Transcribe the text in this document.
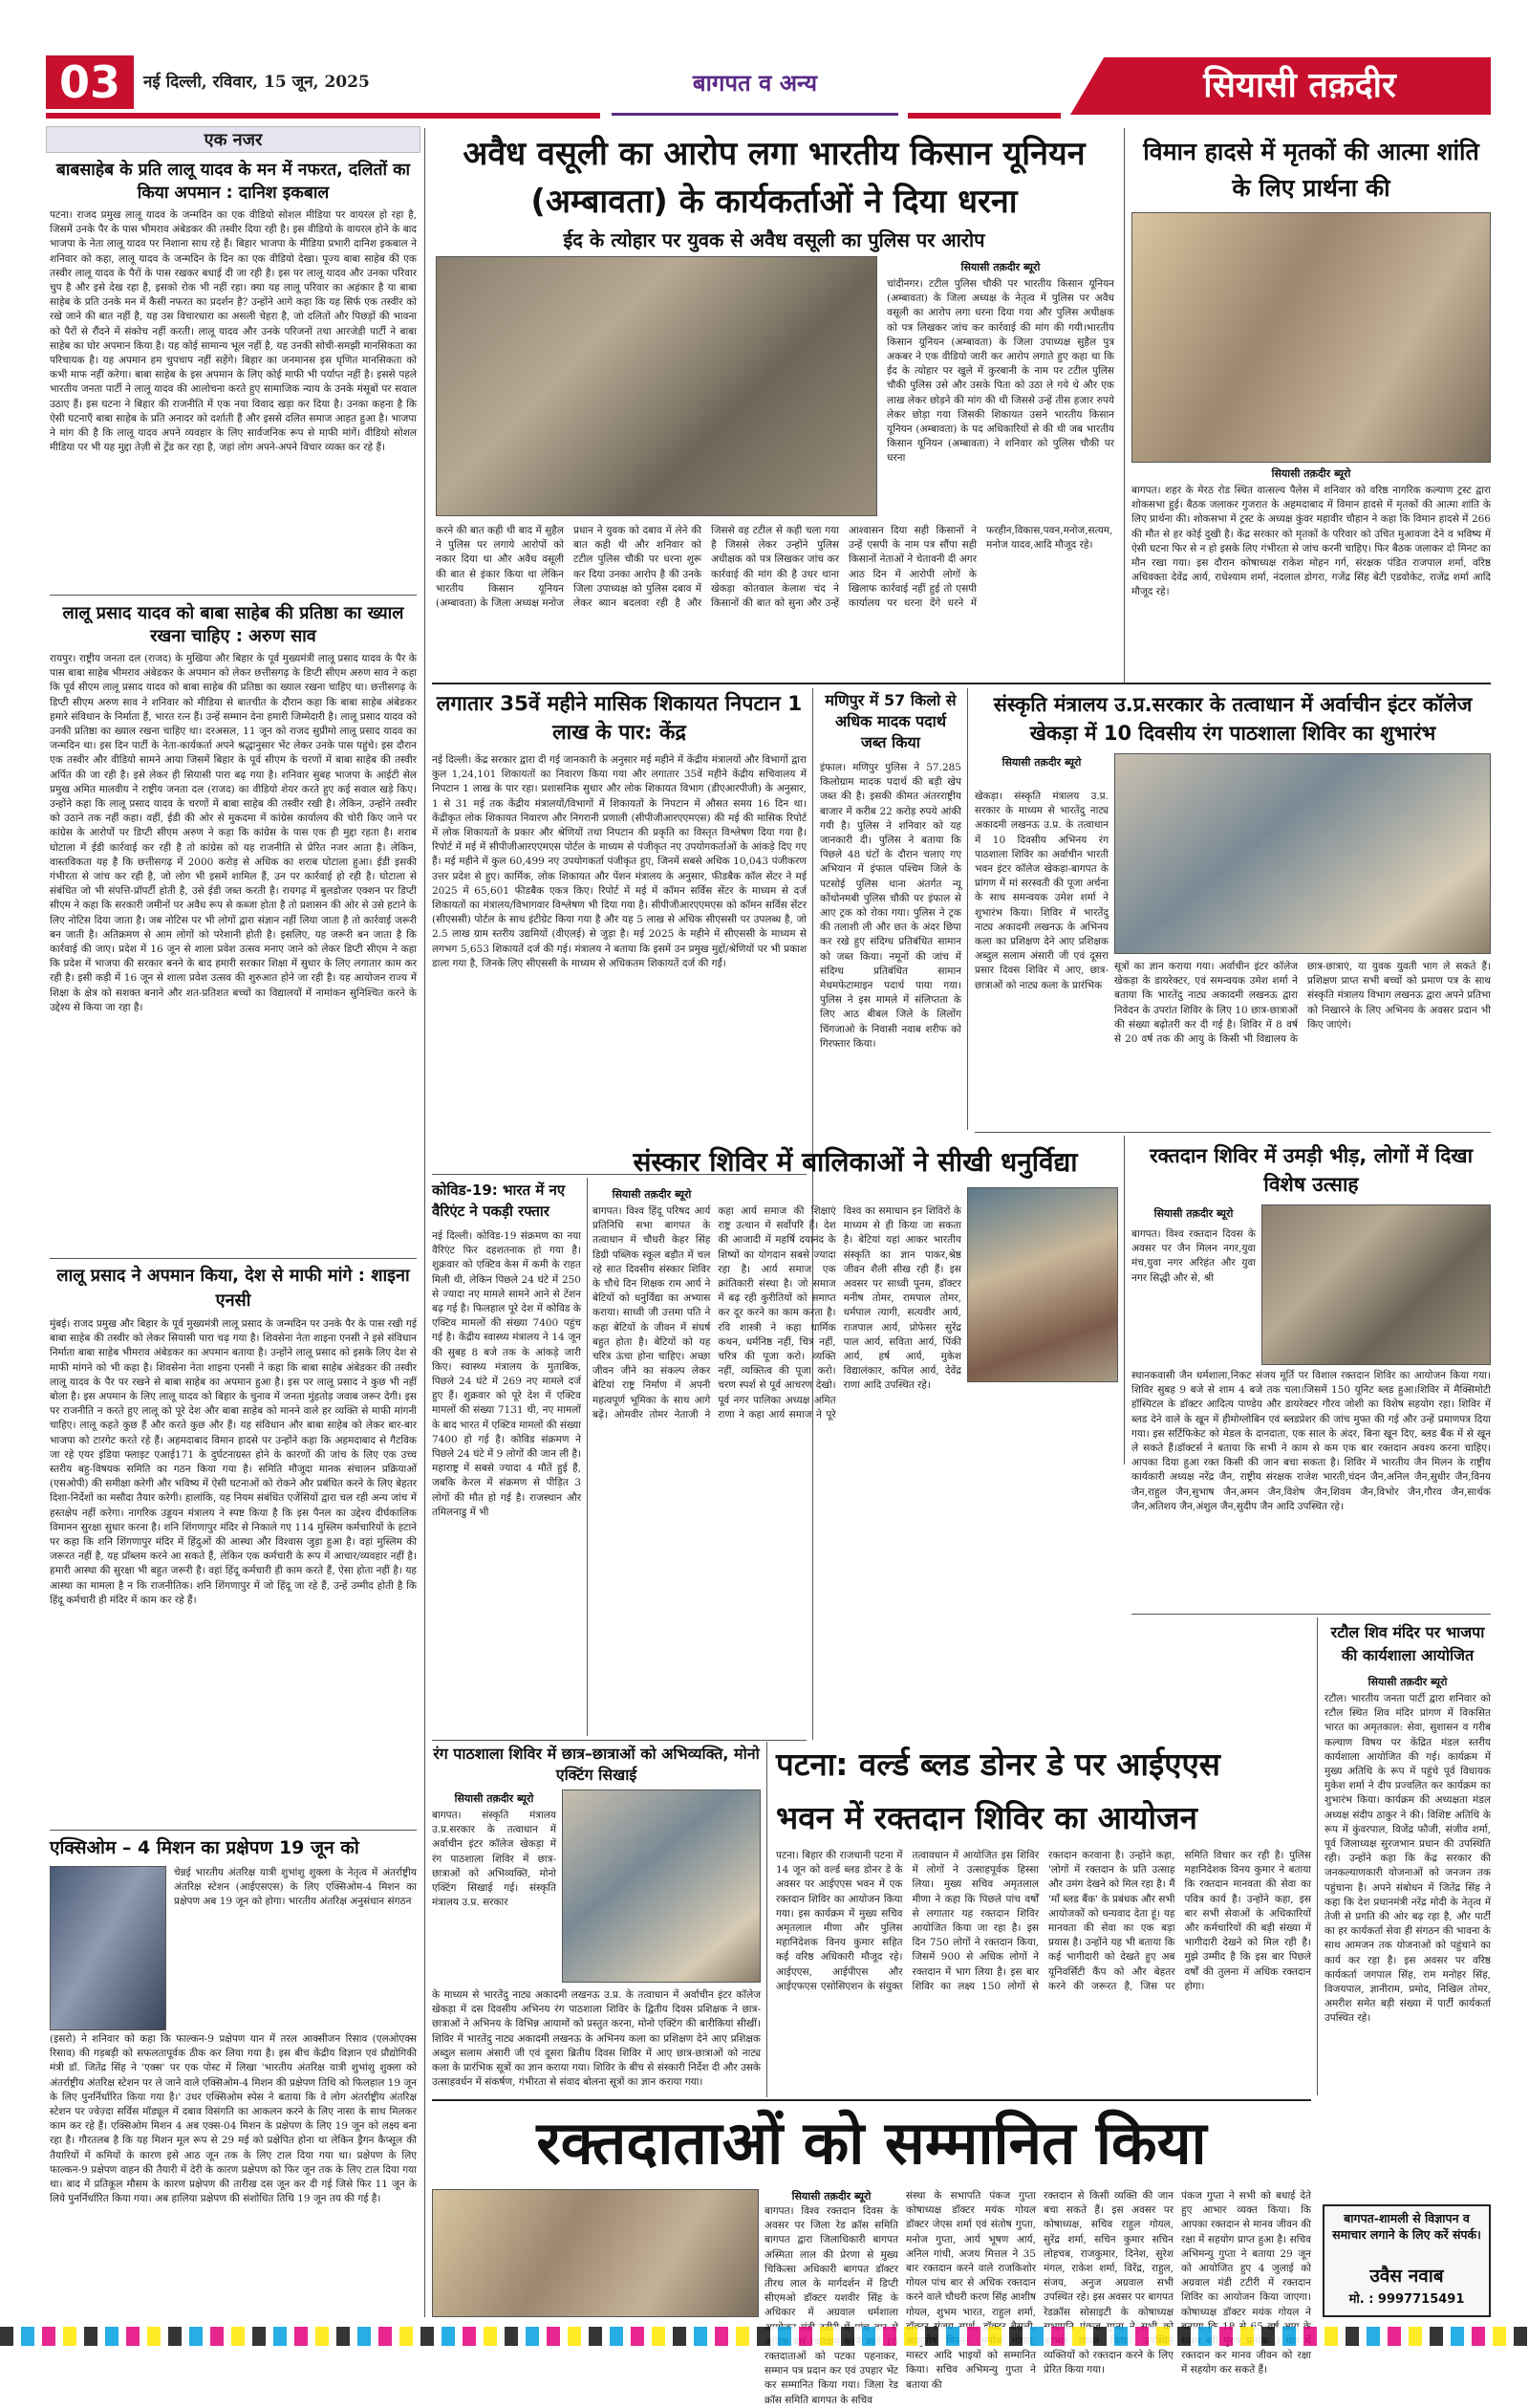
03	नई दिल्ली, रविवार, 15 जून, 2025	बागपत व अन्य	सियासी तक़दीर
एक नजर
बाबसाहेब के प्रति लालू यादव के मन में नफरत, दलितों का किया अपमान : दानिश इकबाल
पटना। राजद प्रमुख लालू यादव के जन्मदिन का एक वीडियो सोशल मीडिया पर वायरल हो रहा है, जिसमें उनके पैर के पास भीमराव अंबेडकर की तस्वीर दिया रही है। इस वीडियो के वायरल होने के बाद भाजपा के नेता लालू यादव पर निशाना साध रहे हैं। बिहार भाजपा के मीडिया प्रभारी दानिश इकबाल ने शनिवार को कहा, लालू यादव के जन्मदिन के दिन का एक वीडियो देखा। पूज्य बाबा साहेब की एक तस्वीर लालू यादव के पैरों के पास रखकर बधाई दी जा रही है। इस पर लालू यादव और उनका परिवार चुप है और इसे देख रहा है, इसको रोक भी नहीं रहा। क्या यह लालू परिवार का अहंकार है या बाबा साहेब के प्रति उनके मन में कैसी नफरत का प्रदर्शन है? उन्होंने आगे कहा कि यह सिर्फ एक तस्वीर को रखे जाने की बात नहीं है, यह उस विचारधारा का असली चेहरा है, जो दलितों और पिछड़ों की भावना को पैरों से रौंदने में संकोच नहीं करती। लालू यादव और उनके परिजनों तथा आरजेडी पार्टी ने बाबा साहेब का घोर अपमान किया है। यह कोई सामान्य भूल नहीं है, यह उनकी सोची-समझी मानसिकता का परिचायक है। यह अपमान हम चुपचाप नहीं सहेंगे। बिहार का जनमानस इस घृणित मानसिकता को कभी माफ नहीं करेगा। बाबा साहेब के इस अपमान के लिए कोई माफी भी पर्याप्त नहीं है। इससे पहले भारतीय जनता पार्टी ने लालू यादव की आलोचना करते हुए सामाजिक न्याय के उनके मंसूबों पर सवाल उठाए हैं। इस घटना ने बिहार की राजनीति में एक नया विवाद खड़ा कर दिया है। उनका कहना है कि ऐसी घटनाएँ बाबा साहेब के प्रति अनादर को दर्शाती हैं और इससे दलित समाज आहत हुआ है। भाजपा ने मांग की है कि लालू यादव अपने व्यवहार के लिए सार्वजनिक रूप से माफी मांगें। वीडियो सोशल मीडिया पर भी यह मुद्दा तेज़ी से ट्रेंड कर रहा है, जहां लोग अपने-अपने विचार व्यक्त कर रहे हैं।
लालू प्रसाद यादव को बाबा साहेब की प्रतिष्ठा का ख्याल रखना चाहिए : अरुण साव
रायपुर। राष्ट्रीय जनता दल (राजद) के मुखिया और बिहार के पूर्व मुख्यमंत्री लालू प्रसाद यादव के पैर के पास बाबा साहेब भीमराव अंबेडकर के अपमान को लेकर छत्तीसगढ़ के डिप्टी सीएम अरुण साव ने कहा कि पूर्व सीएम लालू प्रसाद यादव को बाबा साहेब की प्रतिष्ठा का ख्याल रखना चाहिए था। छत्तीसगढ़ के डिप्टी सीएम अरुण साव ने शनिवार को मीडिया से बातचीत के दौरान कहा कि बाबा साहेब अंबेडकर हमारे संविधान के निर्माता हैं, भारत रत्न हैं। उन्हें सम्मान देना हमारी जिम्मेदारी है। लालू प्रसाद यादव को उनकी प्रतिष्ठा का ख्याल रखना चाहिए था। दरअसल, 11 जून को राजद सुप्रीमो लालू प्रसाद यादव का जन्मदिन था। इस दिन पार्टी के नेता-कार्यकर्ता अपने श्रद्धानुसार भेंट लेकर उनके पास पहुंचे। इस दौरान एक तस्वीर और वीडियो सामने आया जिसमें बिहार के पूर्व सीएम के चरणों में बाबा साहेब की तस्वीर अर्पित की जा रही है। इसे लेकर ही सियासी पारा बढ़ गया है। शनिवार सुबह भाजपा के आईटी सेल प्रमुख अमित मालवीय ने राष्ट्रीय जनता दल (राजद) का वीडियो शेयर करते हुए कई सवाल खड़े किए। उन्होंने कहा कि लालू प्रसाद यादव के चरणों में बाबा साहेब की तस्वीर रखी है। लेकिन, उन्होंने तस्वीर को उठाने तक नहीं कहा। वहीं, ईडी की ओर से मुकदमा में कांग्रेस कार्यालय की चोरी किए जाने पर कांग्रेस के आरोपों पर डिप्टी सीएम अरुण ने कहा कि कांग्रेस के पास एक ही मुद्दा रहता है। शराब घोटाला में ईडी कार्रवाई कर रही है तो कांग्रेस को यह राजनीति से प्रेरित नजर आता है। लेकिन, वास्तविकता यह है कि छत्तीसगढ़ में 2000 करोड़ से अधिक का शराब घोटाला हुआ। ईडी इसकी गंभीरता से जांच कर रही है, जो लोग भी इसमें शामिल हैं, उन पर कार्रवाई हो रही है। घोटाला से संबंधित जो भी संपत्ति-प्रॉपर्टी होती है, उसे ईडी जब्त करती है। रायगढ़ में बुलडोजर एक्शन पर डिप्टी सीएम ने कहा कि सरकारी जमीनों पर अवैध रूप से कब्जा होता है तो प्रशासन की ओर से उसे हटाने के लिए नोटिस दिया जाता है। जब नोटिस पर भी लोगों द्वारा संज्ञान नहीं लिया जाता है तो कार्रवाई जरूरी बन जाती है। अतिक्रमण से आम लोगों को परेशानी होती है। इसलिए, यह जरूरी बन जाता है कि कार्रवाई की जाए। प्रदेश में 16 जून से शाला प्रवेश उत्सव मनाए जाने को लेकर डिप्टी सीएम ने कहा कि प्रदेश में भाजपा की सरकार बनने के बाद हमारी सरकार शिक्षा में सुधार के लिए लगातार काम कर रही है। इसी कड़ी में 16 जून से शाला प्रवेश उत्सव की शुरुआत होने जा रही है। यह आयोजन राज्य में शिक्षा के क्षेत्र को सशक्त बनाने और शत-प्रतिशत बच्चों का विद्यालयों में नामांकन सुनिश्चित करने के उद्देश्य से किया जा रहा है।
लालू प्रसाद ने अपमान किया, देश से माफी मांगे : शाइना एनसी
मुंबई। राजद प्रमुख और बिहार के पूर्व मुख्यमंत्री लालू प्रसाद के जन्मदिन पर उनके पैर के पास रखी गई बाबा साहेब की तस्वीर को लेकर सियासी पारा चढ़ गया है। शिवसेना नेता शाइना एनसी ने इसे संविधान निर्माता बाबा साहेब भीमराव अंबेडकर का अपमान बताया है। उन्होंने लालू प्रसाद को इसके लिए देश से माफी मांगने को भी कहा है। शिवसेना नेता शाइना एनसी ने कहा कि बाबा साहेब अंबेडकर की तस्वीर लालू यादव के पैर पर रखने से बाबा साहेब का अपमान हुआ है। इस पर लालू प्रसाद ने कुछ भी नहीं बोला है। इस अपमान के लिए लालू यादव को बिहार के चुनाव में जनता मुंहतोड़ जवाब जरूर देगी। इस पर राजनीति न करते हुए लालू को पूरे देश और बाबा साहेब को मानने वाले हर व्यक्ति से माफी मांगनी चाहिए। लालू कहते कुछ हैं और करते कुछ और हैं। यह संविधान और बाबा साहेब को लेकर बार-बार भाजपा को टारगेट करते रहे हैं। अहमदाबाद विमान हादसे पर उन्होंने कहा कि अहमदाबाद से गैटविक जा रहे एयर इंडिया फ्लाइट एआई171 के दुर्घटनाग्रस्त होने के कारणों की जांच के लिए एक उच्च स्तरीय बहु-विषयक समिति का गठन किया गया है। समिति मौजूदा मानक संचालन प्रक्रियाओं (एसओपी) की समीक्षा करेगी और भविष्य में ऐसी घटनाओं को रोकने और प्रबंधित करने के लिए बेहतर दिशा-निर्देशों का मसौदा तैयार करेगी। हालांकि, यह नियम संबंधित एजेंसियों द्वारा चल रही अन्य जांच में हस्तक्षेप नहीं करेगा। नागरिक उड्डयन मंत्रालय ने स्पष्ट किया है कि इस पैनल का उद्देश्य दीर्घकालिक विमानन सुरक्षा सुधार करना है। शनि शिंगणापुर मंदिर से निकाले गए 114 मुस्लिम कर्मचारियों के हटाने पर कहा कि शनि शिंगणापुर मंदिर में हिंदुओं की आस्था और विश्वास जुड़ा हुआ है। वहां मुस्लिम की जरूरत नहीं है, यह प्रॉब्लम करने आ सकते हैं, लेकिन एक कर्मचारी के रूप में आचार/व्यवहार नहीं है। हमारी आस्था की सुरक्षा भी बहुत जरूरी है। वहां हिंदू कर्मचारी ही काम करते हैं, ऐसा होता नहीं है। यह आस्था का मामला है न कि राजनीतिक। शनि शिंगणापुर में जो हिंदू जा रहे हैं, उन्हें उम्मीद होती है कि हिंदू कर्मचारी ही मंदिर में काम कर रहे हैं।
एक्सिओम – 4 मिशन का प्रक्षेपण 19 जून को
चेन्नई भारतीय अंतरिक्ष यात्री शुभांशु शुक्ला के नेतृत्व में अंतर्राष्ट्रीय अंतरिक्ष स्टेशन (आईएसएस) के लिए एक्सिओम-4 मिशन का प्रक्षेपण अब 19 जून को होगा। भारतीय अंतरिक्ष अनुसंधान संगठन
(इसरो) ने शनिवार को कहा कि फाल्कन-9 प्रक्षेपण यान में तरल आक्सीजन रिसाव (एलओएक्स रिसाव) की गड़बड़ी को सफलतापूर्वक ठीक कर लिया गया है। इस बीच केंद्रीय विज्ञान एवं प्रौद्योगिकी मंत्री डॉ. जितेंद्र सिंह ने 'एक्स' पर एक पोस्ट में लिखा 'भारतीय अंतरिक्ष यात्री शुभांशु शुक्ला को अंतर्राष्ट्रीय अंतरिक्ष स्टेशन पर ले जाने वाले एक्सिओम-4 मिशन की प्रक्षेपण तिथि को फिलहाल 19 जून के लिए पुनर्निर्धारित किया गया है।' उधर एक्सिओम स्पेस ने बताया कि वे लोग अंतर्राष्ट्रीय अंतरिक्ष स्टेशन पर ज्वेज़्दा सर्विस मॉड्यूल में दबाव विसंगति का आकलन करने के लिए नासा के साथ मिलकर काम कर रहे हैं। एक्सिओम मिशन 4 अब एक्स-04 मिशन के प्रक्षेपण के लिए 19 जून को लक्ष्य बना रहा है। गौरतलब है कि यह मिशन मूल रूप से 29 मई को प्रक्षेपित होना था लेकिन ड्रैगन कैप्सूल की तैयारियों में कमियों के कारण इसे आठ जून तक के लिए टाल दिया गया था। प्रक्षेपण के लिए फाल्कन-9 प्रक्षेपण वाहन की तैयारी में देरी के कारण प्रक्षेपण को फिर जून तक के लिए टाल दिया गया था। बाद में प्रतिकूल मौसम के कारण प्रक्षेपण की तारीख दस जून कर दी गई जिसे फिर 11 जून के लिये पुनर्निर्धारित किया गया। अब हालिया प्रक्षेपण की संशोधित तिथि 19 जून तय की गई है।
अवैध वसूली का आरोप लगा भारतीय किसान यूनियन
(अम्बावता) के कार्यकर्ताओं ने दिया धरना
ईद के त्योहार पर युवक से अवैध वसूली का पुलिस पर आरोप
सियासी तक़दीर ब्यूरो
चांदीनगर। टटील पुलिस चौकी पर भारतीय किसान यूनियन (अम्बावता) के जिला अध्यक्ष के नेतृत्व में पुलिस पर अवैध वसूली का आरोप लगा धरना दिया गया और पुलिस अधीक्षक को पत्र लिखकर जांच कर कार्रवाई की मांग की गयी।भारतीय किसान यूनियन (अम्बावता) के जिला उपाध्यक्ष सुहैल पुत्र अकबर ने एक वीडियो जारी कर आरोप लगाते हुए कहा था कि ईद के त्योहार पर खुले में कुरबानी के नाम पर टटील पुलिस चौकी पुलिस उसे और उसके पिता को उठा ले गये थे और एक लाख लेकर छोड़ने की मांग की थी जिससे उन्हें तीस हजार रुपये लेकर छोड़ा गया जिसकी शिकायत उसने भारतीय किसान यूनियन (अम्बावता) के पद अधिकारियों से की थी जब भारतीय किसान यूनियन (अम्बावता) ने शनिवार को पुलिस चौकी पर धरना
करने की बात कही थी बाद में सुहैल ने पुलिस पर लगाये आरोपों को नकार दिया था और अवैध वसूली की बात से इंकार किया था लेकिन भारतीय किसान यूनियन (अम्बावता) के जिला अध्यक्ष मनोज प्रधान ने युवक को दबाव में लेने की बात कही थी और शनिवार को टटील पुलिस चौकी पर धरना शुरू कर दिया उनका आरोप है की उनके जिला उपाध्यक्ष को पुलिस दबाव में लेकर ब्यान बदलवा रही है और जिससे वह टटील से कही चला गया है जिससे लेकर उन्होंने पुलिस अधीक्षक को पत्र लिखकर जांच कर कार्रवाई की मांग की है उधर थाना खेकड़ा कोतवाल केलाश चंद ने किसानों की बात को सुना और उन्हें आश्वासन दिया सही किसानों ने उन्हें एसपी के नाम पत्र सौंपा सही किसानों नेताओं ने चेतावनी दी अगर आठ दिन में आरोपी लोगों के खिलाफ कार्रवाई नहीं हुई तो एसपी कार्यालय पर धरना देंगे धरने में फरहीन,विकास,पवन,मनोज,सत्यम, मनोज यादव,आदि मौजूद रहे।
विमान हादसे में मृतकों की आत्मा शांति के लिए प्रार्थना की
सियासी तक़दीर ब्यूरो
बागपत। शहर के मेरठ रोड स्थित वात्सल्य पैलेस में शनिवार को वरिष्ठ नागरिक कल्याण ट्रस्ट द्वारा शोकसभा हुई। बैठक जलाकर गुजरात के अहमदाबाद में विमान हादसे में मृतकों की आत्मा शांति के लिए प्रार्थना की। शोकसभा में ट्रस्ट के अध्यक्ष कुंवर महावीर चौहान ने कहा कि विमान हादसे में 266 की मौत से हर कोई दुखी है। केंद्र सरकार को मृतकों के परिवार को उचित मुआवजा देने व भविष्य में ऐसी घटना फिर से न हो इसके लिए गंभीरता से जांच करनी चाहिए। फिर बैठक जलाकर दो मिनट का मौन रखा गया। इस दौरान कोषाध्यक्ष राकेश मोहन गर्ग, संरक्षक पंडित राजपाल शर्मा, वरिष्ठ अधिवक्ता देवेंद्र आर्य, राधेश्याम शर्मा, नंदलाल डोगरा, गजेंद्र सिंह बेटी एडवोकेट, राजेंद्र शर्मा आदि मौजूद रहे।
लगातार 35वें महीने मासिक शिकायत निपटान 1 लाख के पार: केंद्र
नई दिल्ली। केंद्र सरकार द्वारा दी गई जानकारी के अनुसार मई महीने में केंद्रीय मंत्रालयों और विभागों द्वारा कुल 1,24,101 शिकायतों का निवारण किया गया और लगातार 35वें महीने केंद्रीय सचिवालय में निपटान 1 लाख के पार रहा। प्रशासनिक सुधार और लोक शिकायत विभाग (डीएआरपीजी) के अनुसार, 1 से 31 मई तक केंद्रीय मंत्रालयों/विभागों में शिकायतों के निपटान में औसत समय 16 दिन था। केंद्रीकृत लोक शिकायत निवारण और निगरानी प्रणाली (सीपीजीआरएएमएस) की मई की मासिक रिपोर्ट में लोक शिकायतों के प्रकार और श्रेणियों तथा निपटान की प्रकृति का विस्तृत विश्लेषण दिया गया है। रिपोर्ट में मई में सीपीजीआरएएमएस पोर्टल के माध्यम से पंजीकृत नए उपयोगकर्ताओं के आंकड़े दिए गए हैं। मई महीने में कुल 60,499 नए उपयोगकर्ता पंजीकृत हुए, जिनमें सबसे अधिक 10,043 पंजीकरण उत्तर प्रदेश से हुए। कार्मिक, लोक शिकायत और पेंशन मंत्रालय के अनुसार, फीडबैक कॉल सेंटर ने मई 2025 में 65,601 फीडबैक एकत्र किए। रिपोर्ट में मई में कॉमन सर्विस सेंटर के माध्यम से दर्ज शिकायतों का मंत्रालय/विभागवार विश्लेषण भी दिया गया है। सीपीजीआरएएमएस को कॉमन सर्विस सेंटर (सीएससी) पोर्टल के साथ इंटीग्रेट किया गया है और यह 5 लाख से अधिक सीएससी पर उपलब्ध है, जो 2.5 लाख ग्राम स्तरीय उद्यमियों (वीएलई) से जुड़ा है। मई 2025 के महीने में सीएससी के माध्यम से लगभग 5,653 शिकायतें दर्ज की गई। मंत्रालय ने बताया कि इसमें उन प्रमुख मुद्दों/श्रेणियों पर भी प्रकाश डाला गया है, जिनके लिए सीएससी के माध्यम से अधिकतम शिकायतें दर्ज की गईं।
मणिपुर में 57 किलो से अधिक मादक पदार्थ जब्त किया
इंफाल। मणिपुर पुलिस ने 57.285 किलोग्राम मादक पदार्थ की बड़ी खेप जब्त की है। इसकी कीमत अंतरराष्ट्रीय बाजार में करीब 22 करोड़ रुपये आंकी गयी है। पुलिस ने शनिवार को यह जानकारी दी। पुलिस ने बताया कि पिछले 48 घंटों के दौरान चलाए गए अभियान में इंफाल पश्चिम जिले के पटसोई पुलिस थाना अंतर्गत न्यू कोंथोनमबी पुलिस चौकी पर इंफाल से आए ट्रक को रोका गया। पुलिस ने ट्रक की तलाशी ली और छत के अंदर छिपा कर रखे हुए संदिग्ध प्रतिबंधित सामान को जब्त किया। नमूनों की जांच में संदिग्ध प्रतिबंधित सामान मेथमफेटामाइन पदार्थ पाया गया। पुलिस ने इस मामले में संलिप्तता के लिए आठ बीबल जिले के लिलोंग चिंगजाओ के निवासी नवाब शरीफ को गिरफ्तार किया।
संस्कृति मंत्रालय उ.प्र.सरकार के तत्वाधान में अर्वाचीन इंटर कॉलेज खेकड़ा में 10 दिवसीय रंग पाठशाला शिविर का शुभारंभ
सियासी तक़दीर ब्यूरो
खेकड़ा। संस्कृति मंत्रालय उ.प्र. सरकार के माध्यम से भारतेंदु नाट्य अकादमी लखनऊ उ.प्र. के तत्वाधान में 10 दिवसीय अभिनय रंग पाठशाला शिविर का अर्वाचीन भारती भवन इंटर कॉलेज खेकड़ा-बागपत के प्रांगण में मां सरस्वती की पूजा अर्चना के साथ समन्वयक उमेश शर्मा ने शुभारंभ किया। शिविर में भारतेंदु नाट्य अकादमी लखनऊ के अभिनय कला का प्रशिक्षण देने आए प्रशिक्षक अब्दुल सलाम अंसारी जी एवं दूसरा प्रसार दिवस शिविर में आए, छात्र-छात्राओं को नाट्य कला के प्रारंभिक
सूत्रों का ज्ञान कराया गया। अर्वाचीन इंटर कॉलेज खेकड़ा के डायरेक्टर, एवं समन्वयक उमेश शर्मा ने बताया कि भारतेंदु नाट्य अकादमी लखनऊ द्वारा निवेदन के उपरांत शिविर के लिए 10 छात्र-छात्राओं की संख्या बढ़ोतरी कर दी गई है। शिविर में 8 वर्ष से 20 वर्ष तक की आयु के किसी भी विद्यालय के छात्र-छात्राएं, या युवक युवती भाग ले सकते हैं। प्रशिक्षण प्राप्त सभी बच्चों को प्रमाण पत्र के साथ संस्कृति मंत्रालय विभाग लखनऊ द्वारा अपने प्रतिभा को निखारने के लिए अभिनय के अवसर प्रदान भी किए जाएंगे।
कोविड-19: भारत में नए वैरिएंट ने पकड़ी रफ्तार
नई दिल्ली। कोविड-19 संक्रमण का नया वैरिएंट फिर दहशतनाक हो गया है। शुक्रवार को एक्टिव केस में कमी के राहत मिली थी, लेकिन पिछले 24 घंटे में 250 से ज्यादा नए मामले सामने आने से टेंशन बढ़ गई है। फिलहाल पूरे देश में कोविड के एक्टिव मामलों की संख्या 7400 पहुंच गई है। केंद्रीय स्वास्थ्य मंत्रालय ने 14 जून की सुबह 8 बजे तक के आंकड़े जारी किए। स्वास्थ्य मंत्रालय के मुताबिक, पिछले 24 घंटे में 269 नए मामले दर्ज हुए हैं। शुक्रवार को पूरे देश में एक्टिव मामलों की संख्या 7131 थी, नए मामलों के बाद भारत में एक्टिव मामलों की संख्या 7400 हो गई है। कोविड संक्रमण ने पिछले 24 घंटे में 9 लोगों की जान ली है। महाराष्ट्र में सबसे ज्यादा 4 मौतें हुई हैं, जबकि केरल में संक्रमण से पीड़ित 3 लोगों की मौत हो गई है। राजस्थान और तमिलनाडु में भी
संस्कार शिविर में बालिकाओं ने सीखी धनुर्विद्या
सियासी तक़दीर ब्यूरो
बागपत। विश्व हिंदू परिषद आर्य प्रतिनिधि सभा बागपत के तत्वाधान में चौधरी केहर सिंह डिग्री पब्लिक स्कूल बड़ौत में चल रहे सात दिवसीय संस्कार शिविर के चौथे दिन शिक्षक राम आर्य ने बेटियों को धनुर्विद्या का अभ्यास कराया। साध्वी जी उत्तमा पति ने कहा बेटियों के जीवन में संघर्ष बहुत होता है। बेटियों को यह चरित्र ऊंचा होना चाहिए। अच्छा जीवन जीने का संकल्प लेकर बेटियां राष्ट्र निर्माण में अपनी महत्वपूर्ण भूमिका के साथ आगे बढ़ें। ओमवीर तोमर नेताजी ने कहा आर्य समाज की शिक्षाएं राष्ट्र उत्थान में सर्वोपरि हैं। देश की आजादी में महर्षि दयानंद के शिष्यों का योगदान सबसे ज्यादा रहा है। आर्य समाज एक क्रांतिकारी संस्था है। जो समाज में बढ़ रही कुरीतियों को समाप्त कर दूर करने का काम करता है। रवि शास्त्री ने कहा धार्मिक कथन, धर्मनिष्ठ नहीं, चित्र नहीं, चरित्र की पूजा करो। व्यक्ति नहीं, व्यक्तित्व की पूजा करो। चरण स्पर्श से पूर्व आचरण देखो। पूर्व नगर पालिका अध्यक्ष अमित राणा ने कहा आर्य समाज ने पूरे विश्व का समाधान इन शिविरों के माध्यम से ही किया जा सकता है। बेटियां यहां आकर भारतीय संस्कृति का ज्ञान पाकर,श्रेष्ठ जीवन शैली सीख रही हैं। इस अवसर पर साध्वी पूनम, डॉक्टर मनीष तोमर, रामपाल तोमर, धर्मपाल त्यागी, सत्यवीर आर्य, राजपाल आर्य, प्रोफेसर सुरेंद्र पाल आर्य, सविता आर्य, पिंकी आर्य, हर्ष आर्य, मुकेश विद्यालंकार, कपिल आर्य, देवेंद्र राणा आदि उपस्थित रहे।
रक्तदान शिविर में उमड़ी भीड़, लोगों में दिखा विशेष उत्साह
सियासी तक़दीर ब्यूरो
बागपत। विश्व रक्तदान दिवस के अवसर पर जैन मिलन नगर,युवा मंच,युवा नगर अरिहंत और युवा नगर सिद्धी और से, श्री
स्थानकवासी जैन धर्मशाला,निकट संजय मूर्ति पर विशाल रक्तदान शिविर का आयोजन किया गया।शिविर सुबह 9 बजे से शाम 4 बजे तक चला।जिसमें 150 यूनिट ब्लड हुआ।शिविर में मैक्सिमोटी हॉस्पिटल के डॉक्टर आदित्य पाण्डेय और डायरेक्टर गौरव जोशी का विशेष सहयोग रहा। शिविर में ब्लड देने वाले के खून में हीमोग्लोबिन एवं ब्लडप्रेशर की जांच मुफ्त की गई और उन्हें प्रमाणपत्र दिया गया। इस सर्टिफिकेट को मेडल के दानदाता, एक साल के अंदर, बिना खून दिए, ब्लड बैंक में से खून ले सकते हैं।डॉक्टर्स ने बताया कि सभी ने काम से कम एक बार रक्तदान अवश्य करना चाहिए। आपका दिया हुआ रक्त किसी की जान बचा सकता है। शिविर में भारतीय जैन मिलन के राष्ट्रीय कार्यकारी अध्यक्ष नरेंद्र जैन, राष्ट्रीय संरक्षक राजेश भारती,चंदन जैन,अनिल जैन,सुधीर जैन,विनय जैन,राहुल जैन,सुभाष जैन,अमन जैन,विशेष जैन,शिवम जैन,विभोर जैन,गौरव जैन,सार्थक जैन,अतिशय जैन,अंशुल जैन,सुदीप जैन आदि उपस्थित रहे।
रंग पाठशाला शिविर में छात्र–छात्राओं को अभिव्यक्ति, मोनो एक्टिंग सिखाई
सियासी तक़दीर ब्यूरो
बागपत। संस्कृति मंत्रालय उ.प्र.सरकार के तत्वाधान में अर्वाचीन इंटर कॉलेज खेकड़ा में रंग पाठशाला शिविर में छात्र-छात्राओं को अभिव्यक्ति, मोनो एक्टिंग सिखाई गई। संस्कृति मंत्रालय उ.प्र. सरकार
के माध्यम से भारतेंदु नाट्य अकादमी लखनऊ उ.प्र. के तत्वाधान में अर्वाचीन इंटर कॉलेज खेकड़ा में दस दिवसीय अभिनय रंग पाठशाला शिविर के द्वितीय दिवस प्रशिक्षक ने छात्र-छात्राओं ने अभिनय के विभिन्न आयामों को प्रस्तुत करना, मोनो एक्टिंग की बारीकियां सीखीं। शिविर में भारतेंदु नाट्य अकादमी लखनऊ के अभिनय कला का प्रशिक्षण देने आए प्रशिक्षक अब्दुल सलाम अंसारी जी एवं दूसरा ब्रितीय दिवस शिविर में आए छात्र-छात्राओं को नाट्य कला के प्रारंभिक सूत्रों का ज्ञान कराया गया। शिविर के बीच से संस्कारी निर्देश दी और उसके उत्साहवर्धन में संकर्षण, गंभीरता से संवाद बोलना सूत्रों का ज्ञान कराया गया।
पटना: वर्ल्ड ब्लड डोनर डे पर आईएएस
भवन में रक्तदान शिविर का आयोजन
पटना। बिहार की राजधानी पटना में 14 जून को वर्ल्ड ब्लड डोनर डे के अवसर पर आईएएस भवन में एक रक्तदान शिविर का आयोजन किया गया। इस कार्यक्रम में मुख्य सचिव अमृतलाल मीणा और पुलिस महानिदेशक विनय कुमार सहित कई वरिष्ठ अधिकारी मौजूद रहे। आईएएस, आईपीएस और आईएफएस एसोसिएशन के संयुक्त तत्वावधान में आयोजित इस शिविर में लोगों ने उत्साहपूर्वक हिस्सा लिया। मुख्य सचिव अमृतलाल मीणा ने कहा कि पिछले पांच वर्षों से लगातार यह रक्तदान शिविर आयोजित किया जा रहा है। इस दिन 750 लोगों ने रक्तदान किया, जिसमें 900 से अधिक लोगों ने रक्तदान में भाग लिया है। इस बार शिविर का लक्ष्य 150 लोगों से रक्तदान करवाना है। उन्होंने कहा, 'लोगों में रक्तदान के प्रति उत्साह और उमंग देखने को मिल रहा है। मैं 'माँ ब्लड बैंक' के प्रबंधक और सभी आयोजकों को धन्यवाद देता हूं। यह मानवता की सेवा का एक बड़ा प्रयास है। उन्होंने यह भी बताया कि कई भागीदारी को देखते हुए अब यूनिवर्सिटी कैंप को और बेहतर करने की जरूरत है, जिस पर समिति विचार कर रही है। पुलिस महानिदेशक विनय कुमार ने बताया कि रक्तदान मानवता की सेवा का पवित्र कार्य है। उन्होंने कहा, इस बार सभी सेवाओं के अधिकारियों और कर्मचारियों की बड़ी संख्या में भागीदारी देखने को मिल रही है। मुझे उम्मीद है कि इस बार पिछले वर्षों की तुलना में अधिक रक्तदान होगा।
रटौल शिव मंदिर पर भाजपा की कार्यशाला आयोजित
सियासी तक़दीर ब्यूरो
रटौल। भारतीय जनता पार्टी द्वारा शनिवार को रटौल स्थित शिव मंदिर प्रांगण में विकसित भारत का अमृतकाल: सेवा, सुशासन व गरीब कल्याण विषय पर केंद्रित मंडल स्तरीय कार्यशाला आयोजित की गई। कार्यक्रम में मुख्य अतिथि के रूप में पहुंचे पूर्व विधायक मुकेश शर्मा ने दीप प्रज्वलित कर कार्यक्रम का शुभारंभ किया। कार्यक्रम की अध्यक्षता मंडल अध्यक्ष संदीप ठाकुर ने की। विशिष्ट अतिथि के रूप में कुंवरपाल, विजेंद्र फौजी, संजीव शर्मा, पूर्व जिलाध्यक्ष सुरजभान प्रधान की उपस्थिति रही। उन्होंने कहा कि केंद्र सरकार की जनकल्याणकारी योजनाओं को जनजन तक पहुंचाना है। अपने संबोधन में जितेंद्र सिंह ने कहा कि देश प्रधानमंत्री नरेंद्र मोदी के नेतृत्व में तेजी से प्रगति की ओर बढ़ रहा है, और पार्टी का हर कार्यकर्ता सेवा ही संगठन की भावना के साथ आमजन तक योजनाओं को पहुंचाने का कार्य कर रहा है। इस अवसर पर वरिष्ठ कार्यकर्ता जगपाल सिंह, राम मनोहर सिंह, विजयपाल, ज्ञानीराम, प्रमोद, निखिल तोमर, अमरीश समेत बड़ी संख्या में पार्टी कार्यकर्ता उपस्थित रहे।
रक्तदाताओं को सम्मानित किया
सियासी तक़दीर ब्यूरो
बागपत। विश्व रक्तदान दिवस के अवसर पर जिला रेड क्रॉस समिति बागपत द्वारा जिलाधिकारी बागपत अस्मिता लाल की प्रेरणा से मुख्य चिकित्सा अधिकारी बागपत डॉक्टर तीरथ लाल के मार्गदर्शन में डिप्टी सीएमओ डॉक्टर यशवीर सिंह के अधिकार में अग्रवाल धर्मशाला रक्तदाताओं को पटका पहनाकर, सम्मान पत्र प्रदान कर एवं उपहार भेंट कर सम्मानित किया गया। जिला रेड क्रॉस समिति बागपत के सचिव
संस्था के सभापति पंकज गुप्ता कोषाध्यक्ष डॉक्टर मयंक गोयल डॉक्टर जेएस शर्मा एवं संतोष गुप्ता, मनोज गुप्ता, आर्य भूषण आर्य, अनिल गांधी, अजय मित्तल ने 35 बार रक्तदान करने वाले राजकिशोर गोयल पांच बार से अधिक रक्तदान करने वाले चौधरी करण सिंह आशीष गोयल, शुभम भारत, राहुल शर्मा, मास्टर आदि भाइयों को सम्मानित किया। सचिव अभिमन्यु गुप्ता ने बताया की
रक्तदान से किसी व्यक्ति की जान बचा सकते हैं। इस अवसर पर कोषाध्यक्ष, सचिव राहुल गोयल, सुरेंद्र शर्मा, सचिन कुमार सचिन लोहचब, राजकुमार, दिनेश, सुरेश मंगल, राकेश शर्मा, विरेंद्र, राहुल, संजय, अनुज अग्रवाल सभी उपस्थित रहे। इस अवसर पर बागपत रेडक्रॉस सोसाइटी के कोषाध्यक्ष व्यक्तियों को रक्तदान करने के लिए प्रेरित किया गया।
पंकज गुप्ता ने सभी को बधाई देते हुए आभार व्यक्त किया। कि आपका रक्तदान से मानव जीवन की रक्षा में सहयोग प्राप्त हुआ है। सचिव अभिमन्यु गुप्ता ने बताया 29 जून को आयोजित हुए 4 जुलाई को अग्रवाल मंडी टटीरी में रक्तदान शिविर का आयोजन किया जाएगा। कोषाध्यक्ष डॉक्टर मयंक गोयल ने रक्तदान कर मानव जीवन को रक्षा में सहयोग कर सकते हैं।
बागपत-शामली से विज्ञापन व समाचार लगाने के लिए करें संपर्क।
उवैस नवाब
मो. : 9997715491
